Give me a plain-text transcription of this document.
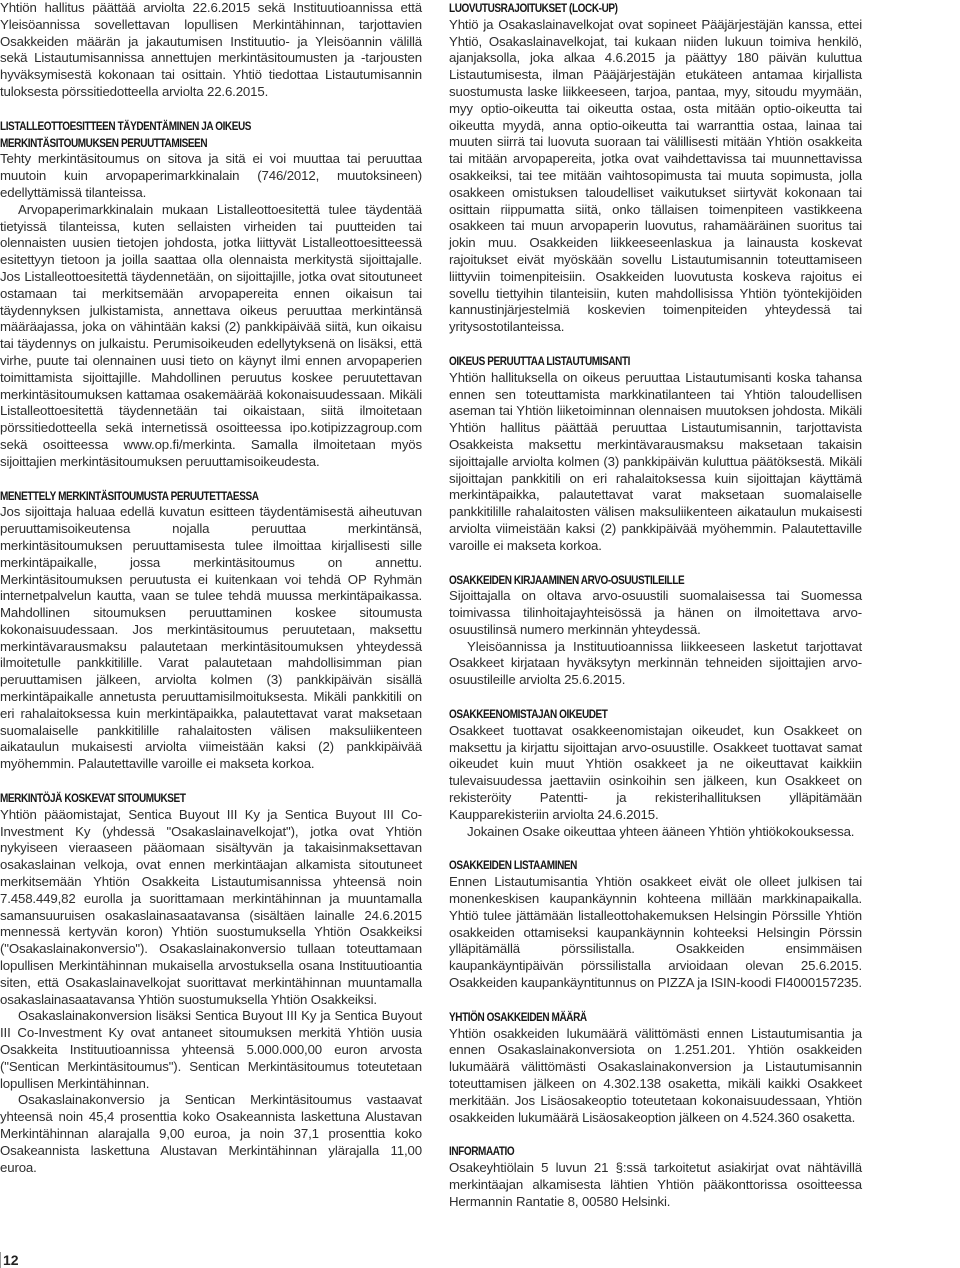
Yhtiön hallitus päättää arviolta 22.6.2015 sekä Instituutioannissa että Yleisöannissa sovellettavan lopullisen Merkintähinnan, tarjottavien Osakkeiden määrän ja jakautumisen Instituutio- ja Yleisöannin välillä sekä Listautumisannissa annettujen merkintäsitoumusten ja -tarjousten hyväksymisestä kokonaan tai osittain. Yhtiö tiedottaa Listautumisannin tuloksesta pörssitiedotteella arviolta 22.6.2015.

LISTALLEOTTOESITTEEN TÄYDENTÄMINEN JA OIKEUS
MERKINTÄSITOUMUKSEN PERUUTTAMISEEN

Tehty merkintäsitoumus on sitova ja sitä ei voi muuttaa tai peruuttaa muutoin kuin arvopaperimarkkinalain (746/2012, muutoksineen) edellyttämissä tilanteissa.

Arvopaperimarkkinalain mukaan Listalleottoesitettä tulee täydentää tietyissä tilanteissa, kuten sellaisten virheiden tai puutteiden tai olennaisten uusien tietojen johdosta, jotka liittyvät Listalleottoesitteessä esitettyyn tietoon ja joilla saattaa olla olennaista merkitystä sijoittajalle. Jos Listalleottoesitettä täydennetään, on sijoittajille, jotka ovat sitoutuneet ostamaan tai merkitsemään arvopapereita ennen oikaisun tai täydennyksen julkistamista, annettava oikeus peruuttaa merkintänsä määräajassa, joka on vähintään kaksi (2) pankkipäivää siitä, kun oikaisu tai täydennys on julkaistu. Perumisoikeuden edellytyksenä on lisäksi, että virhe, puute tai olennainen uusi tieto on käynyt ilmi ennen arvopaperien toimittamista sijoittajille. Mahdollinen peruutus koskee peruutettavan merkintäsitoumuksen kattamaa osakemäärää kokonaisuudessaan. Mikäli Listalleottoesitettä täydennetään tai oikaistaan, siitä ilmoitetaan pörssitiedotteella sekä internetissä osoitteessa ipo.kotipizzagroup.com sekä osoitteessa www.op.fi/merkinta. Samalla ilmoitetaan myös sijoittajien merkintäsitoumuksen peruuttamisoikeudesta.

MENETTELY MERKINTÄSITOUMUSTA PERUUTETTAESSA

Jos sijoittaja haluaa edellä kuvatun esitteen täydentämisestä aiheutuvan peruuttamisoikeutensa nojalla peruuttaa merkintänsä, merkintäsitoumuksen peruuttamisesta tulee ilmoittaa kirjallisesti sille merkintäpaikalle, jossa merkintäsitoumus on annettu. Merkintäsitoumuksen peruutusta ei kuitenkaan voi tehdä OP Ryhmän internetpalvelun kautta, vaan se tulee tehdä muussa merkintäpaikassa. Mahdollinen sitoumuksen peruuttaminen koskee sitoumusta kokonaisuudessaan. Jos merkintäsitoumus peruutetaan, maksettu merkintävarausmaksu palautetaan merkintäsitoumuksen yhteydessä ilmoitetulle pankkitilille. Varat palautetaan mahdollisimman pian peruuttamisen jälkeen, arviolta kolmen (3) pankkipäivän sisällä merkintäpaikalle annetusta peruuttamisilmoituksesta. Mikäli pankkitili on eri rahalaitoksessa kuin merkintäpaikka, palautettavat varat maksetaan suomalaiselle pankkitilille rahalaitosten välisen maksuliikenteen aikataulun mukaisesti arviolta viimeistään kaksi (2) pankkipäivää myöhemmin. Palautettaville varoille ei makseta korkoa.

MERKINTÖJÄ KOSKEVAT SITOUMUKSET

Yhtiön pääomistajat, Sentica Buyout III Ky ja Sentica Buyout III Co-Investment Ky (yhdessä "Osakaslainavelkojat"), jotka ovat Yhtiön nykyiseen vieraaseen pääomaan sisältyvän ja takaisinmaksettavan osakaslainan velkoja, ovat ennen merkintäajan alkamista sitoutuneet merkitsemään Yhtiön Osakkeita Listautumisannissa yhteensä noin 7.458.449,82 eurolla ja suorittamaan merkintähinnan ja muuntamalla samansuuruisen osakaslainasaatavansa (sisältäen lainalle 24.6.2015 mennessä kertyvän koron) Yhtiön suostumuksella Yhtiön Osakkeiksi ("Osakaslainakonversio"). Osakaslainakonversio tullaan toteuttamaan lopullisen Merkintähinnan mukaisella arvostuksella osana Instituutioantia siten, että Osakaslainavelkojat suorittavat merkintähinnan muuntamalla osakaslainasaatavansa Yhtiön suostumuksella Yhtiön Osakkeiksi.

Osakaslainakonversion lisäksi Sentica Buyout III Ky ja Sentica Buyout III Co-Investment Ky ovat antaneet sitoumuksen merkitä Yhtiön uusia Osakkeita Instituutioannissa yhteensä 5.000.000,00 euron arvosta ("Sentican Merkintäsitoumus"). Sentican Merkintäsitoumus toteutetaan lopullisen Merkintähinnan.

Osakaslainakonversio ja Sentican Merkintäsitoumus vastaavat yhteensä noin 45,4 prosenttia koko Osakeannista laskettuna Alustavan Merkintähinnan alarajalla 9,00 euroa, ja noin 37,1 prosenttia koko Osakeannista laskettuna Alustavan Merkintähinnan ylärajalla 11,00 euroa.

LUOVUTUSRAJOITUKSET (LOCK-UP)

Yhtiö ja Osakaslainavelkojat ovat sopineet Pääjärjestäjän kanssa, ettei Yhtiö, Osakaslainavelkojat, tai kukaan niiden lukuun toimiva henkilö, ajanjaksolla, joka alkaa 4.6.2015 ja päättyy 180 päivän kuluttua Listautumisesta, ilman Pääjärjestäjän etukäteen antamaa kirjallista suostumusta laske liikkeeseen, tarjoa, pantaa, myy, sitoudu myymään, myy optio-oikeutta tai oikeutta ostaa, osta mitään optio-oikeutta tai oikeutta myydä, anna optio-oikeutta tai warranttia ostaa, lainaa tai muuten siirrä tai luovuta suoraan tai välillisesti mitään Yhtiön osakkeita tai mitään arvopapereita, jotka ovat vaihdettavissa tai muunnettavissa osakkeiksi, tai tee mitään vaihtosopimusta tai muuta sopimusta, jolla osakkeen omistuksen taloudelliset vaikutukset siirtyvät kokonaan tai osittain riippumatta siitä, onko tällaisen toimenpiteen vastikkeena osakkeen tai muun arvopaperin luovutus, rahamääräinen suoritus tai jokin muu. Osakkeiden liikkeeseenlaskua ja lainausta koskevat rajoitukset eivät myöskään sovellu Listautumisannin toteuttamiseen liittyviin toimenpiteisiin. Osakkeiden luovutusta koskeva rajoitus ei sovellu tiettyihin tilanteisiin, kuten mahdollisissa Yhtiön työntekijöiden kannustinjärjestelmiä koskevien toimenpiteiden yhteydessä tai yritysostotilanteissa.

OIKEUS PERUUTTAA LISTAUTUMISANTI

Yhtiön hallituksella on oikeus peruuttaa Listautumisanti koska tahansa ennen sen toteuttamista markkinatilanteen tai Yhtiön taloudellisen aseman tai Yhtiön liiketoiminnan olennaisen muutoksen johdosta. Mikäli Yhtiön hallitus päättää peruuttaa Listautumisannin, tarjottavista Osakkeista maksettu merkintävarausmaksu maksetaan takaisin sijoittajalle arviolta kolmen (3) pankkipäivän kuluttua päätöksestä. Mikäli sijoittajan pankkitili on eri rahalaitoksessa kuin sijoittajan käyttämä merkintäpaikka, palautettavat varat maksetaan suomalaiselle pankkitilille rahalaitosten välisen maksuliikenteen aikataulun mukaisesti arviolta viimeistään kaksi (2) pankkipäivää myöhemmin. Palautettaville varoille ei makseta korkoa.

OSAKKEIDEN KIRJAAMINEN ARVO-OSUUSTILEILLE

Sijoittajalla on oltava arvo-osuustili suomalaisessa tai Suomessa toimivassa tilinhoitajayhteisössä ja hänen on ilmoitettava arvo-osuustilinsä numero merkinnän yhteydessä.

Yleisöannissa ja Instituutioannissa liikkeeseen lasketut tarjottavat Osakkeet kirjataan hyväksytyn merkinnän tehneiden sijoittajien arvo-osuustileille arviolta 25.6.2015.

OSAKKEENOMISTAJAN OIKEUDET

Osakkeet tuottavat osakkeenomistajan oikeudet, kun Osakkeet on maksettu ja kirjattu sijoittajan arvo-osuustille. Osakkeet tuottavat samat oikeudet kuin muut Yhtiön osakkeet ja ne oikeuttavat kaikkiin tulevaisuudessa jaettaviin osinkoihin sen jälkeen, kun Osakkeet on rekisteröity Patentti- ja rekisterihallituksen ylläpitämään Kaupparekisteriin arviolta 24.6.2015.

Jokainen Osake oikeuttaa yhteen ääneen Yhtiön yhtiökokouksessa.

OSAKKEIDEN LISTAAMINEN

Ennen Listautumisantia Yhtiön osakkeet eivät ole olleet julkisen tai monenkeskisen kaupankäynnin kohteena millään markkinapaikalla. Yhtiö tulee jättämään listalleottohakemuksen Helsingin Pörssille Yhtiön osakkeiden ottamiseksi kaupankäynnin kohteeksi Helsingin Pörssin ylläpitämällä pörssilistalla. Osakkeiden ensimmäisen kaupankäyntipäivän pörssilistalla arvioidaan olevan 25.6.2015. Osakkeiden kaupankäyntitunnus on PIZZA ja ISIN-koodi FI4000157235.

YHTIÖN OSAKKEIDEN MÄÄRÄ

Yhtiön osakkeiden lukumäärä välittömästi ennen Listautumisantia ja ennen Osakaslainakonversiota on 1.251.201. Yhtiön osakkeiden lukumäärä välittömästi Osakaslainakonversion ja Listautumisannin toteuttamisen jälkeen on 4.302.138 osaketta, mikäli kaikki Osakkeet merkitään. Jos Lisäosakeoptio toteutetaan kokonaisuudessaan, Yhtiön osakkeiden lukumäärä Lisäosakeoption jälkeen on 4.524.360 osaketta.

INFORMAATIO

Osakeyhtiölain 5 luvun 21 §:ssä tarkoitetut asiakirjat ovat nähtävillä merkintäajan alkamisesta lähtien Yhtiön pääkonttorissa osoitteessa Hermannin Rantatie 8, 00580 Helsinki.

12
